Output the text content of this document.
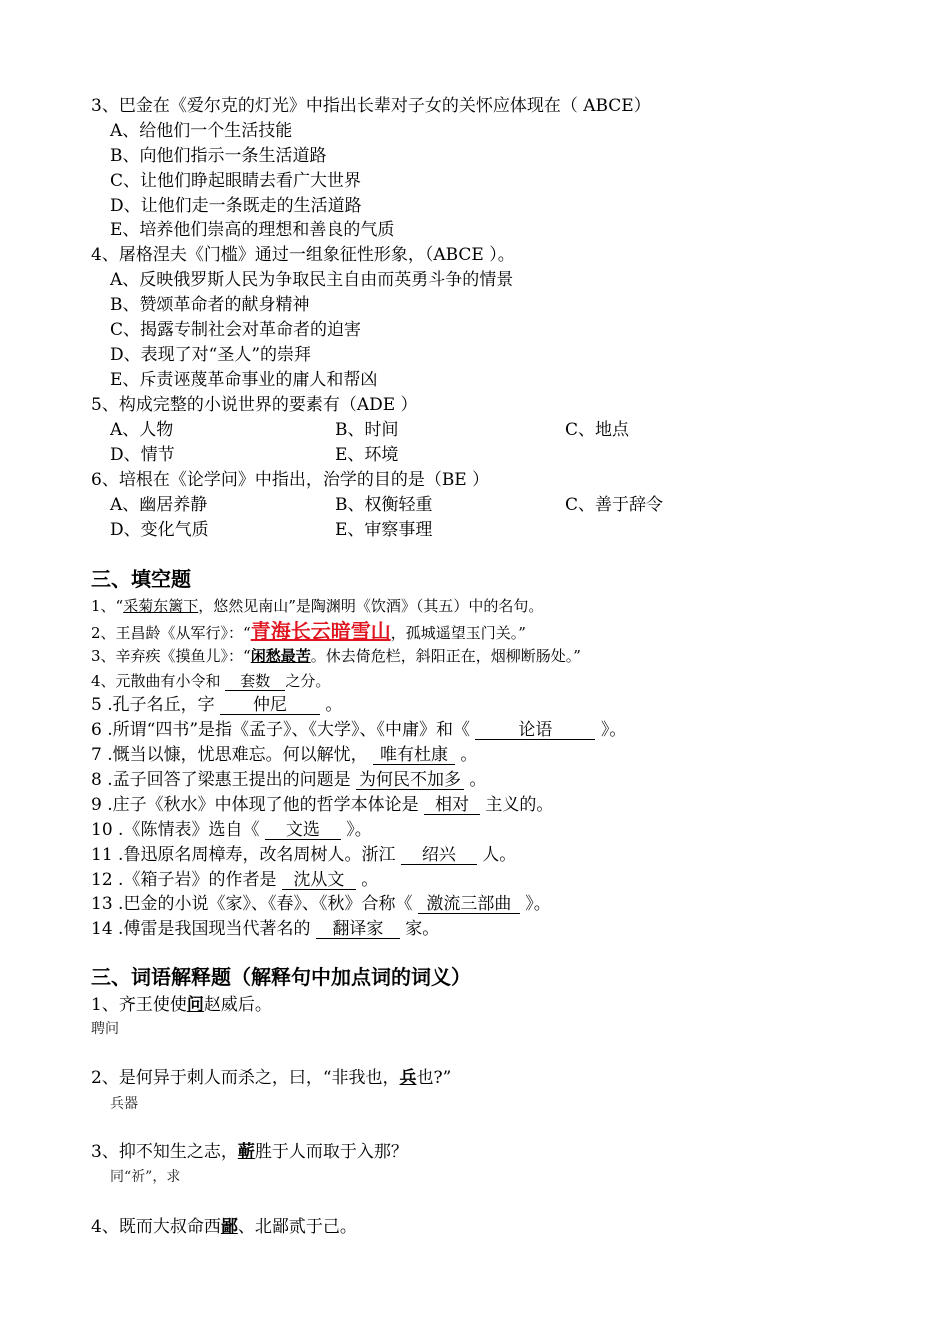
3、巴金在《爱尔克的灯光》中指出长辈对子女的关怀应体现在（ ABCE）
A、给他们一个生活技能
B、向他们指示一条生活道路
C、让他们睁起眼睛去看广大世界
D、让他们走一条既走的生活道路
E、培养他们崇高的理想和善良的气质
4、屠格涅夫《门槛》通过一组象征性形象，（ABCE ）。
A、反映俄罗斯人民为争取民主自由而英勇斗争的情景
B、赞颂革命者的献身精神
C、揭露专制社会对革命者的迫害
D、表现了对“圣人”的崇拜
E、斥责诬蔑革命事业的庸人和帮凶
5、构成完整的小说世界的要素有（ADE ）
A、人物	B、时间	C、地点
D、情节	E、环境
6、培根在《论学问》中指出，治学的目的是（BE ）
A、幽居养静	B、权衡轻重	C、善于辞令
D、变化气质	E、审察事理
三、填空题
1、“采菊东篱下，悠然见南山”是陶渊明《饮酒》（其五）中的名句。
2、王昌龄《从军行》：“青海长云暗雪山，孤城遥望玉门关。”
3、辛弃疾《摸鱼儿》：“闲愁最苦。休去倚危栏，斜阳正在，烟柳断肠处。”
4、元散曲有小令和 套数 之分。
5 .孔子名丘，字 仲尼 。
6 .所谓“四书”是指《孟子》、《大学》、《中庸》和《	论语	》。
7 .慨当以慷，忧思难忘。何以解忧， 唯有杜康 。
8 .孟子回答了梁惠王提出的问题是 为何民不加多 。
9 .庄子《秋水》中体现了他的哲学本体论是 相对 主义的。
10 .《陈情表》选自《 文选 》。
11 .鲁迅原名周樟寿，改名周树人。浙江 绍兴 人。
12 .《箱子岩》的作者是 沈从文 。
13 .巴金的小说《家》、《春》、《秋》合称《 激流三部曲 》。
14 .傅雷是我国现当代著名的 翻译家 家。
三、词语解释题（解释句中加点词的词义）
1、齐王使使问赵威后。
聘问
2、是何异于刺人而杀之，曰，“非我也，兵也?”
兵器
3、抑不知生之志，蕲胜于人而取于入那？
同“祈”，求
4、既而大叔命西鄙、北鄙贰于己。
